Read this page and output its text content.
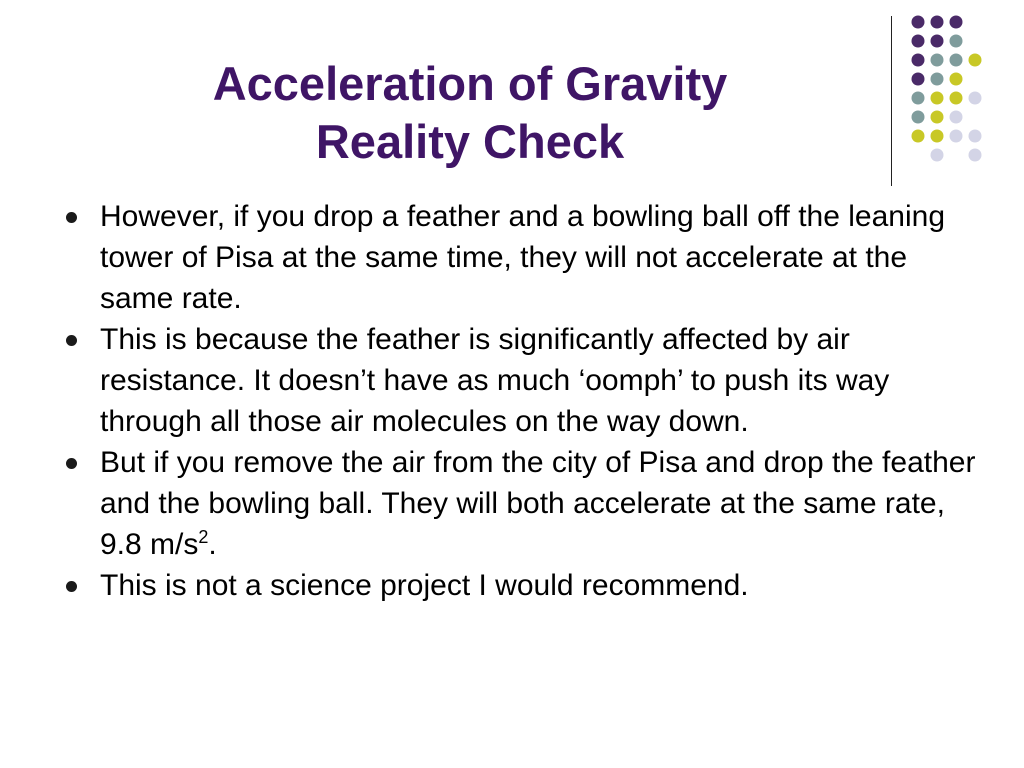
Acceleration of Gravity
Reality Check
However, if you drop a feather and a bowling ball off the leaning tower of Pisa at the same time, they will not accelerate at the same rate.
This is because the feather is significantly affected by air resistance. It doesn’t have as much ‘oomph’ to push its way through all those air molecules on the way down.
But if you remove the air from the city of Pisa and drop the feather and the bowling ball. They will both accelerate at the same rate, 9.8 $m/s^2$.
This is not a science project I would recommend.
